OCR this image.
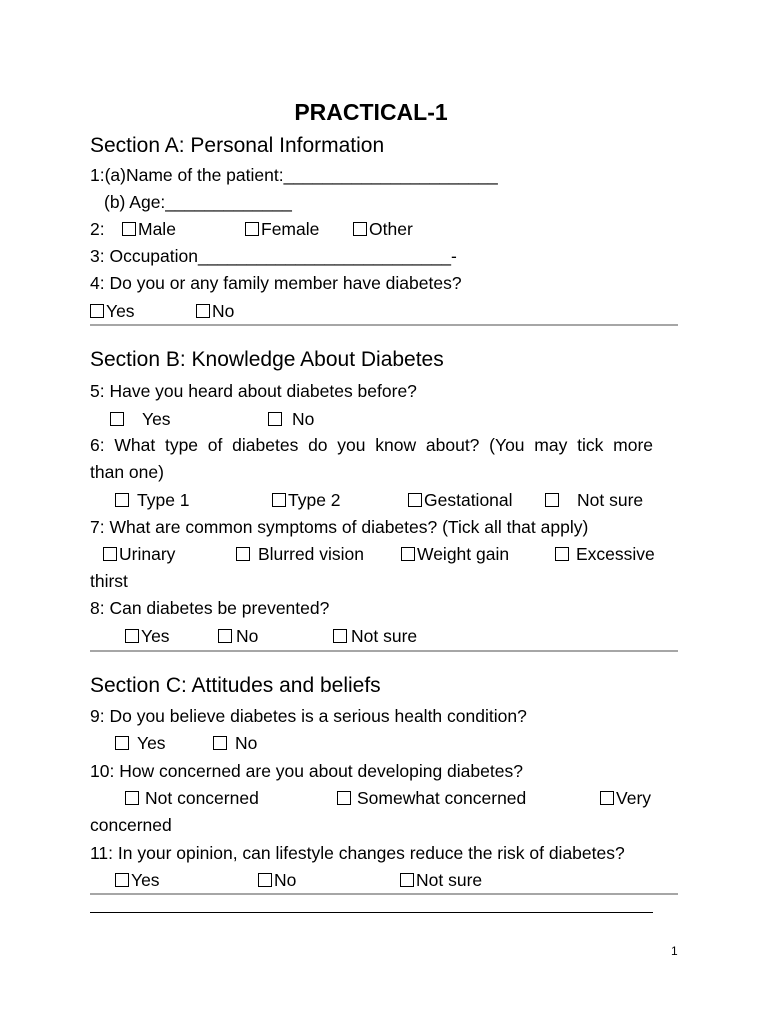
PRACTICAL-1
Section A: Personal Information
1:(a)Name of the patient:______________________
(b) Age:_____________
2:	Male	Female	Other
3: Occupation__________________________-
4: Do you or any family member have diabetes?
Yes	No
Section B: Knowledge About Diabetes
5: Have you heard about diabetes before?
Yes	No
6: What type of diabetes do you know about? (You may tick more
than one)
Type 1	Type 2	Gestational	Not sure
7: What are common symptoms of diabetes? (Tick all that apply)
Urinary	Blurred vision	Weight gain	Excessive
thirst
8: Can diabetes be prevented?
Yes	No	Not sure
Section C: Attitudes and beliefs
9: Do you believe diabetes is a serious health condition?
Yes	No
10: How concerned are you about developing diabetes?
Not concerned	Somewhat concerned	Very
concerned
11: In your opinion, can lifestyle changes reduce the risk of diabetes?
Yes	No	Not sure
1
